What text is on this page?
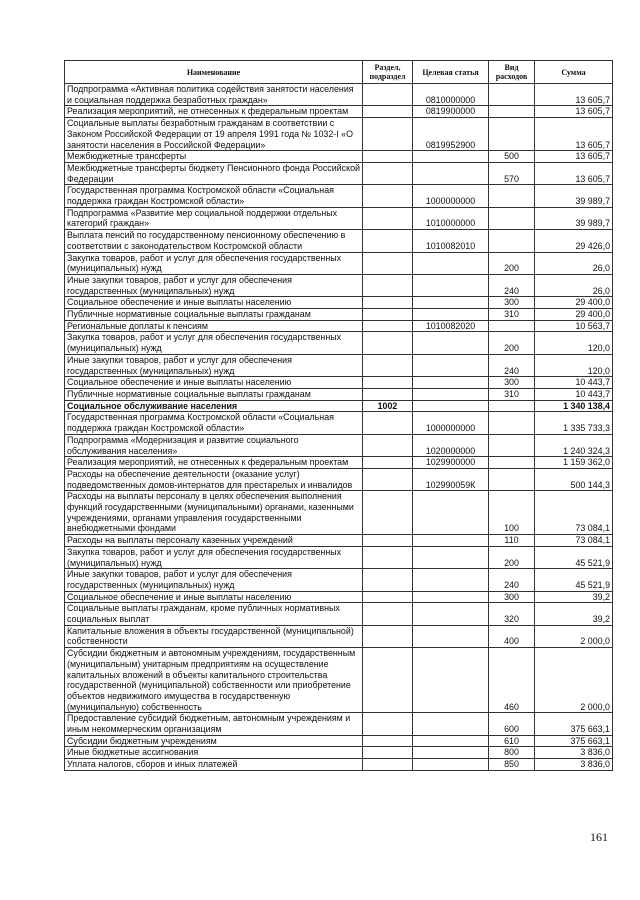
Наименование	Раздел, подраздел	Целевая статья	Вид расходов	Сумма
Подпрограмма «Активная политика содействия занятости населения и социальная поддержка безработных граждан»		0810000000		13 605,7
Реализация мероприятий, не отнесенных к федеральным проектам		0819900000		13 605,7
Социальные выплаты безработным гражданам в соответствии с Законом Российской Федерации от 19 апреля 1991 года № 1032-I «О занятости населения в Российской Федерации»		0819952900		13 605,7
Межбюджетные трансферты			500	13 605,7
Межбюджетные трансферты бюджету Пенсионного фонда Российской Федерации			570	13 605,7
Государственная программа Костромской области «Социальная поддержка граждан Костромской области»		1000000000		39 989,7
Подпрограмма «Развитие мер социальной поддержки отдельных категорий граждан»		1010000000		39 989,7
Выплата пенсий по государственному пенсионному обеспечению в соответствии с законодательством Костромской области		1010082010		29 426,0
Закупка товаров, работ и услуг для обеспечения государственных (муниципальных) нужд			200	26,0
Иные закупки товаров, работ и услуг для обеспечения государственных (муниципальных) нужд			240	26,0
Социальное обеспечение и иные выплаты населению			300	29 400,0
Публичные нормативные социальные выплаты гражданам			310	29 400,0
Региональные доплаты к пенсиям		1010082020		10 563,7
Закупка товаров, работ и услуг для обеспечения государственных (муниципальных) нужд			200	120,0
Иные закупки товаров, работ и услуг для обеспечения государственных (муниципальных) нужд			240	120,0
Социальное обеспечение и иные выплаты населению			300	10 443,7
Публичные нормативные социальные выплаты гражданам			310	10 443,7
Социальное обслуживание населения	1002			1 340 138,4
Государственная программа Костромской области «Социальная поддержка граждан Костромской области»		1000000000		1 335 733,3
Подпрограмма «Модернизация и развитие социального обслуживания населения»		1020000000		1 240 324,3
Реализация мероприятий, не отнесенных к федеральным проектам		1029900000		1 159 362,0
Расходы на обеспечение деятельности (оказание услуг) подведомственных домов-интернатов для престарелых и инвалидов		102990059К		500 144,3
Расходы на выплаты персоналу в целях обеспечения выполнения функций государственными (муниципальными) органами, казенными учреждениями, органами управления государственными внебюджетными фондами			100	73 084,1
Расходы на выплаты персоналу казенных учреждений			110	73 084,1
Закупка товаров, работ и услуг для обеспечения государственных (муниципальных) нужд			200	45 521,9
Иные закупки товаров, работ и услуг для обеспечения государственных (муниципальных) нужд			240	45 521,9
Социальное обеспечение и иные выплаты населению			300	39,2
Социальные выплаты гражданам, кроме публичных нормативных социальных выплат			320	39,2
Капитальные вложения в объекты государственной (муниципальной) собственности			400	2 000,0
Субсидии бюджетным и автономным учреждениям, государственным (муниципальным) унитарным предприятиям на осуществление капитальных вложений в объекты капитального строительства государственной (муниципальной) собственности или приобретение объектов недвижимого имущества в государственную (муниципальную) собственность			460	2 000,0
Предоставление субсидий бюджетным, автономным учреждениям и иным некоммерческим организациям			600	375 663,1
Субсидии бюджетным учреждениям			610	375 663,1
Иные бюджетные ассигнования			800	3 836,0
Уплата налогов, сборов и иных платежей			850	3 836,0
161
